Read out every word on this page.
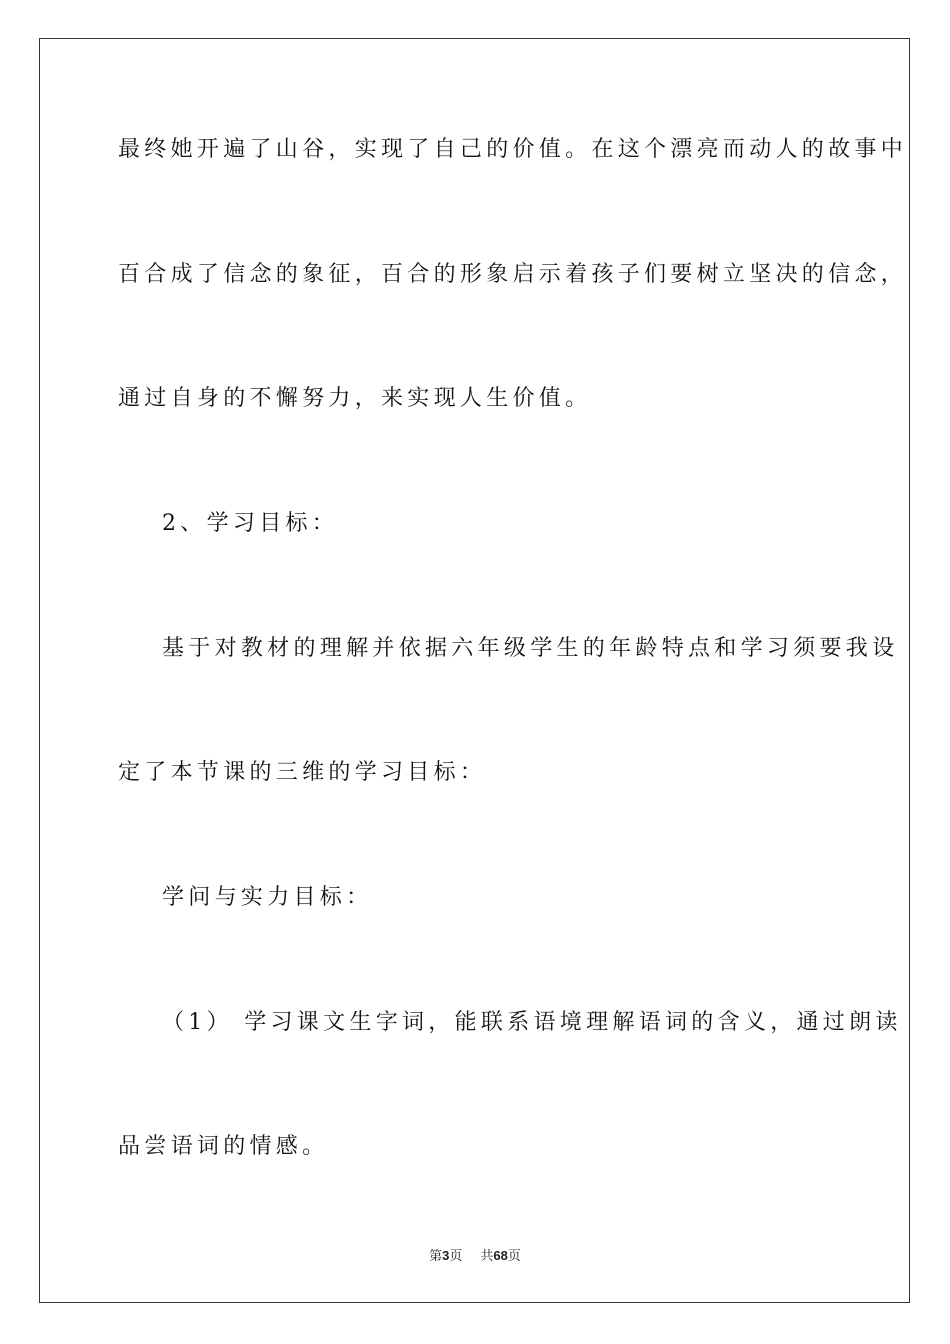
最终她开遍了山谷，实现了自己的价值。在这个漂亮而动人的故事中
百合成了信念的象征，百合的形象启示着孩子们要树立坚决的信念，
通过自身的不懈努力，来实现人生价值。
2、学习目标：
基于对教材的理解并依据六年级学生的年龄特点和学习须要我设
定了本节课的三维的学习目标：
学问与实力目标：
（1） 学习课文生字词，能联系语境理解语词的含义，通过朗读
品尝语词的情感。
第3页 共68页
